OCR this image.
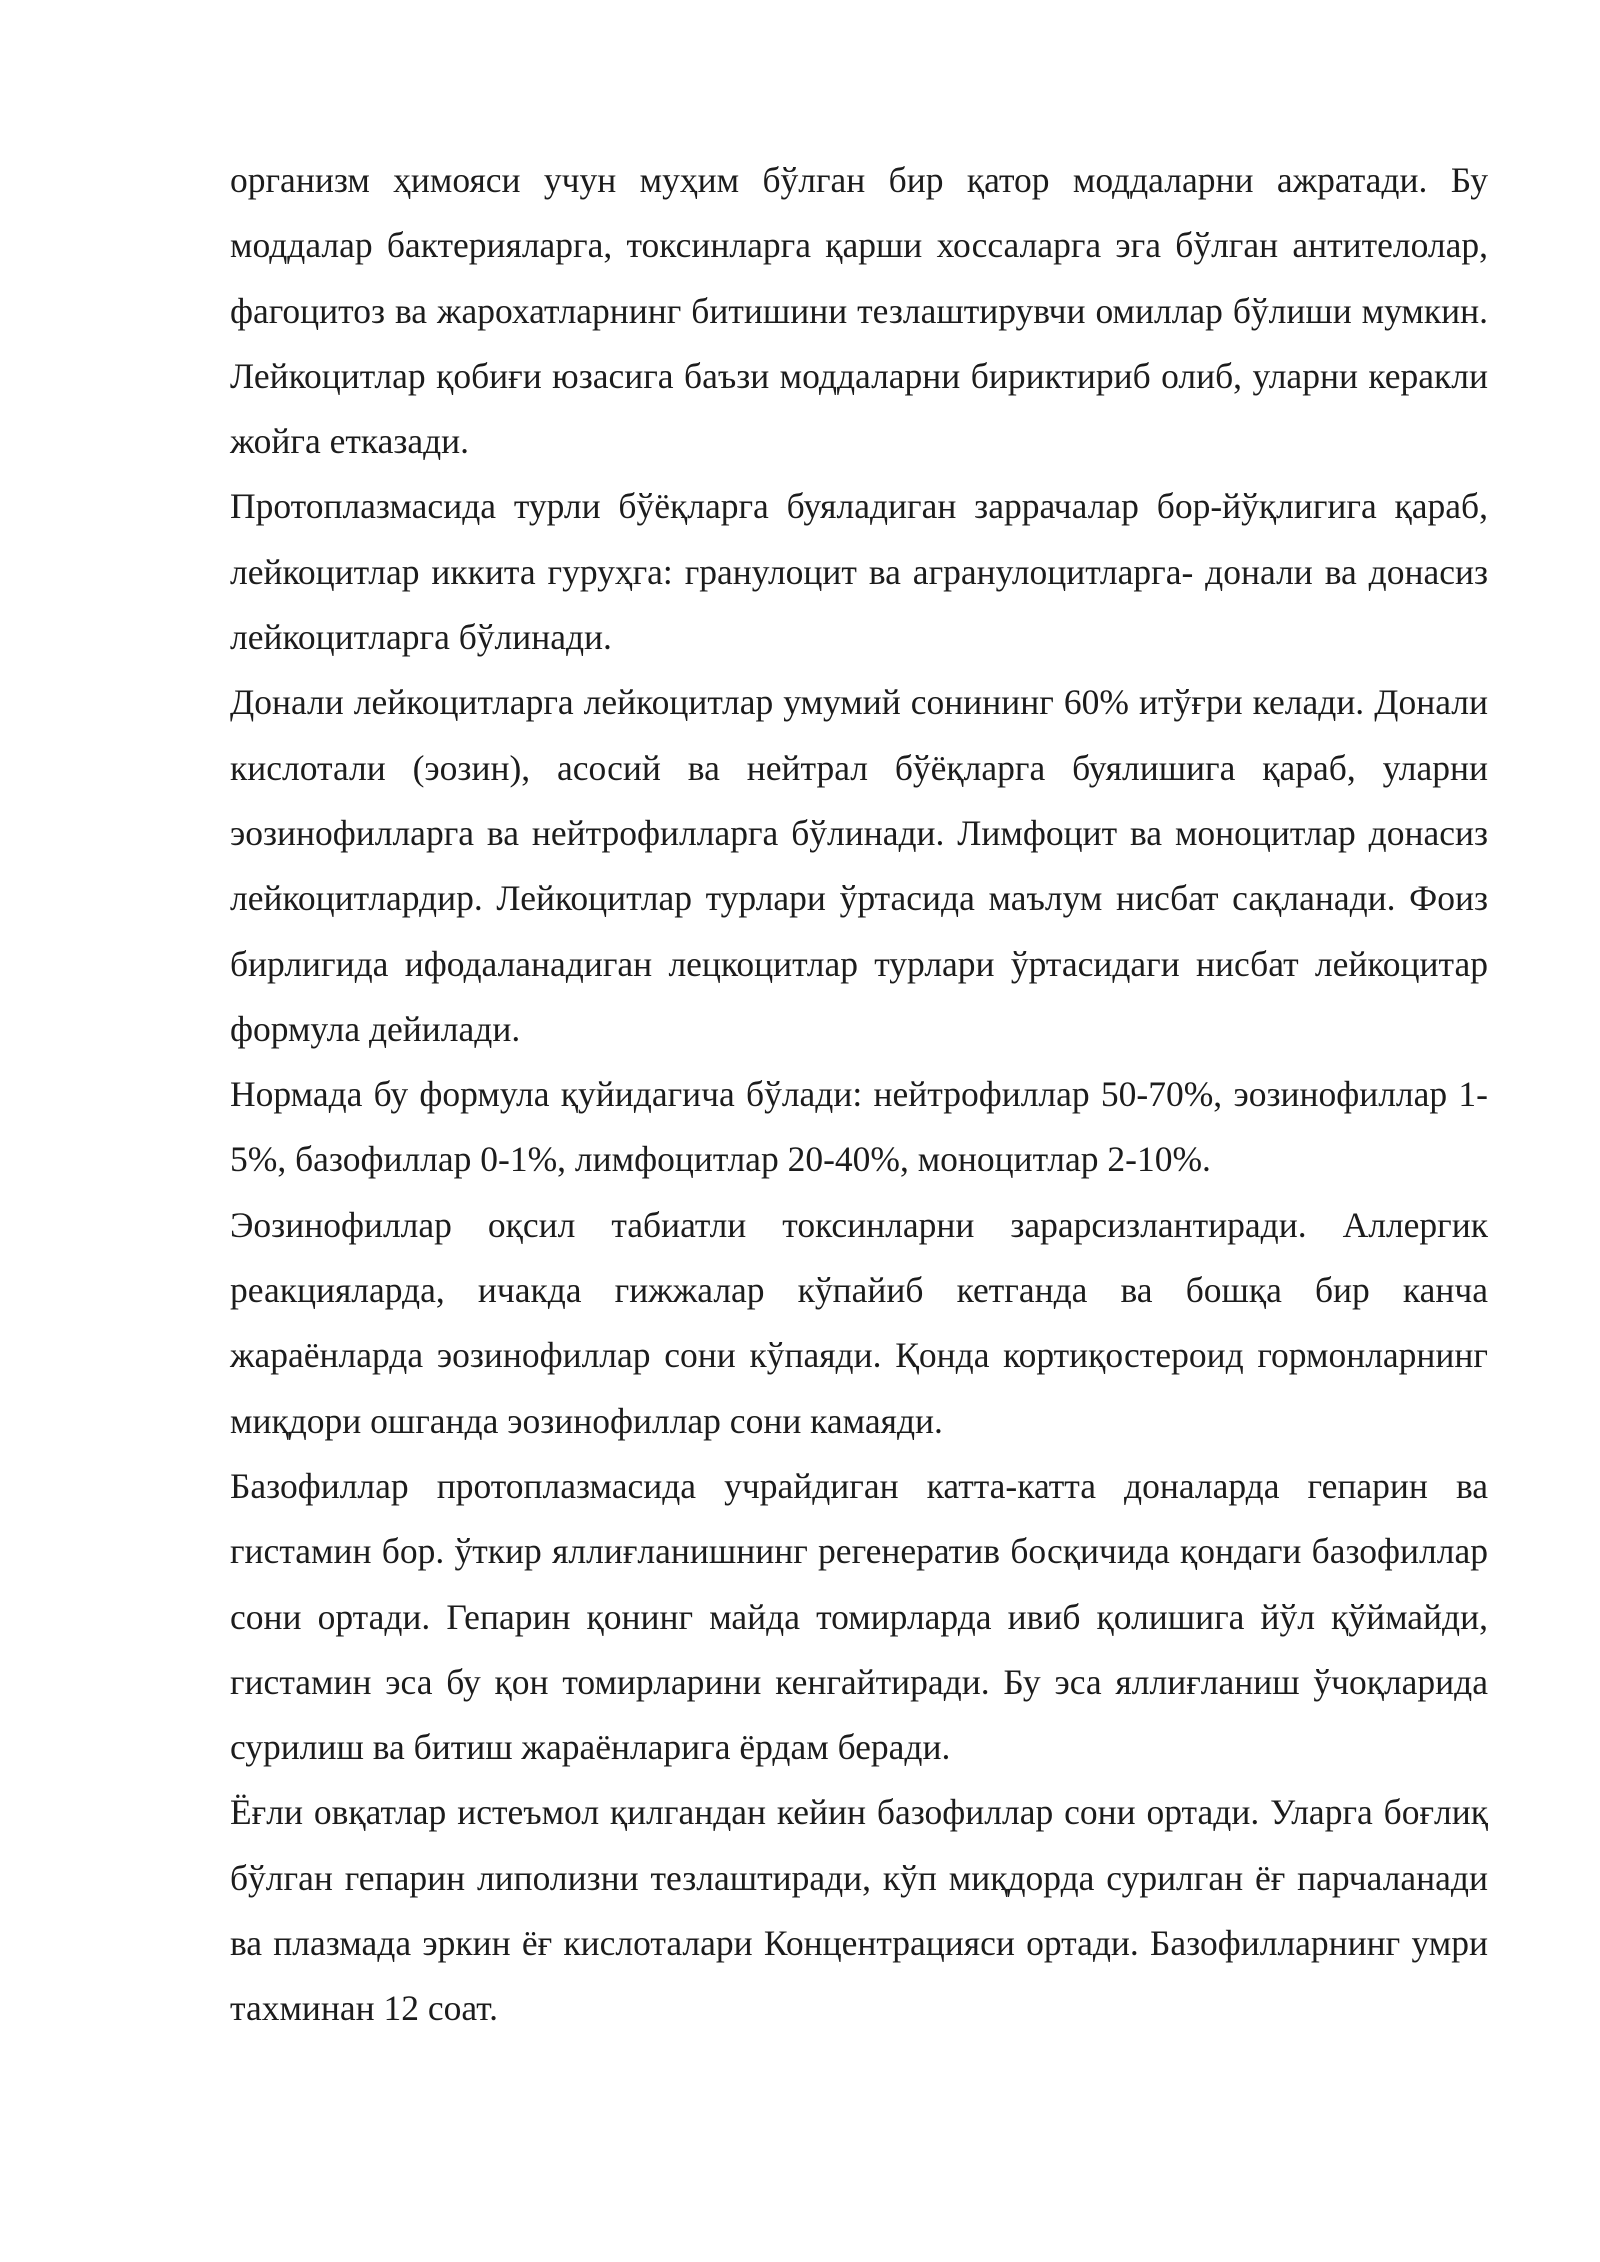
организм ҳимояси учун муҳим бўлган бир қатор моддаларни ажратади. Бу моддалар бактерияларга, токсинларга қарши хоссаларга эга бўлган антителолар, фагоцитоз ва жарохатларнинг битишини тезлаштирувчи омиллар бўлиши мумкин. Лейкоцитлар қобиғи юзасига баъзи моддаларни бириктириб олиб, уларни керакли жойга етказади.

Протоплазмасида турли бўёқларга буяладиган заррачалар бор-йўқлигига қараб, лейкоцитлар иккита гуруҳга: гранулоцит ва агранулоцитларга- донали ва донасиз лейкоцитларга бўлинади.

Донали лейкоцитларга лейкоцитлар умумий сонининг 60% итўғри келади. Донали кислотали (эозин), асосий ва нейтрал бўёқларга буялишига қараб, уларни эозинофилларга ва нейтрофилларга бўлинади. Лимфоцит ва моноцитлар донасиз лейкоцитлардир. Лейкоцитлар турлари ўртасида маълум нисбат сақланади. Фоиз бирлигида ифодаланадиган лецкоцитлар турлари ўртасидаги нисбат лейкоцитар формула дейилади.

Нормада бу формула қуйидагича бўлади: нейтрофиллар 50-70%, эозинофиллар 1-5%, базофиллар 0-1%, лимфоцитлар 20-40%, моноцитлар 2-10%.

Эозинофиллар оқсил табиатли токсинларни зарарсизлантиради. Аллергик реакцияларда, ичакда гижжалар кўпайиб кетганда ва бошқа бир канча жараёнларда эозинофиллар сони кўпаяди. Қонда кортиқостероид гормонларнинг миқдори ошганда эозинофиллар сони камаяди.

Базофиллар протоплазмасида учрайдиган катта-катта доналарда гепарин ва гистамин бор. ўткир яллиғланишнинг регенератив босқичида қондаги базофиллар сони ортади. Гепарин қонинг майда томирларда ивиб қолишига йўл қўймайди, гистамин эса бу қон томирларини кенгайтиради. Бу эса яллиғланиш ўчоқларида сурилиш ва битиш жараёнларига ёрдам беради.

Ёғли овқатлар истеъмол қилгандан кейин базофиллар сони ортади. Уларга боғлиқ бўлган гепарин липолизни тезлаштиради, кўп миқдорда сурилган ёғ парчаланади ва плазмада эркин ёғ кислоталари Концентрацияси ортади. Базофилларнинг умри тахминан 12 соат.
